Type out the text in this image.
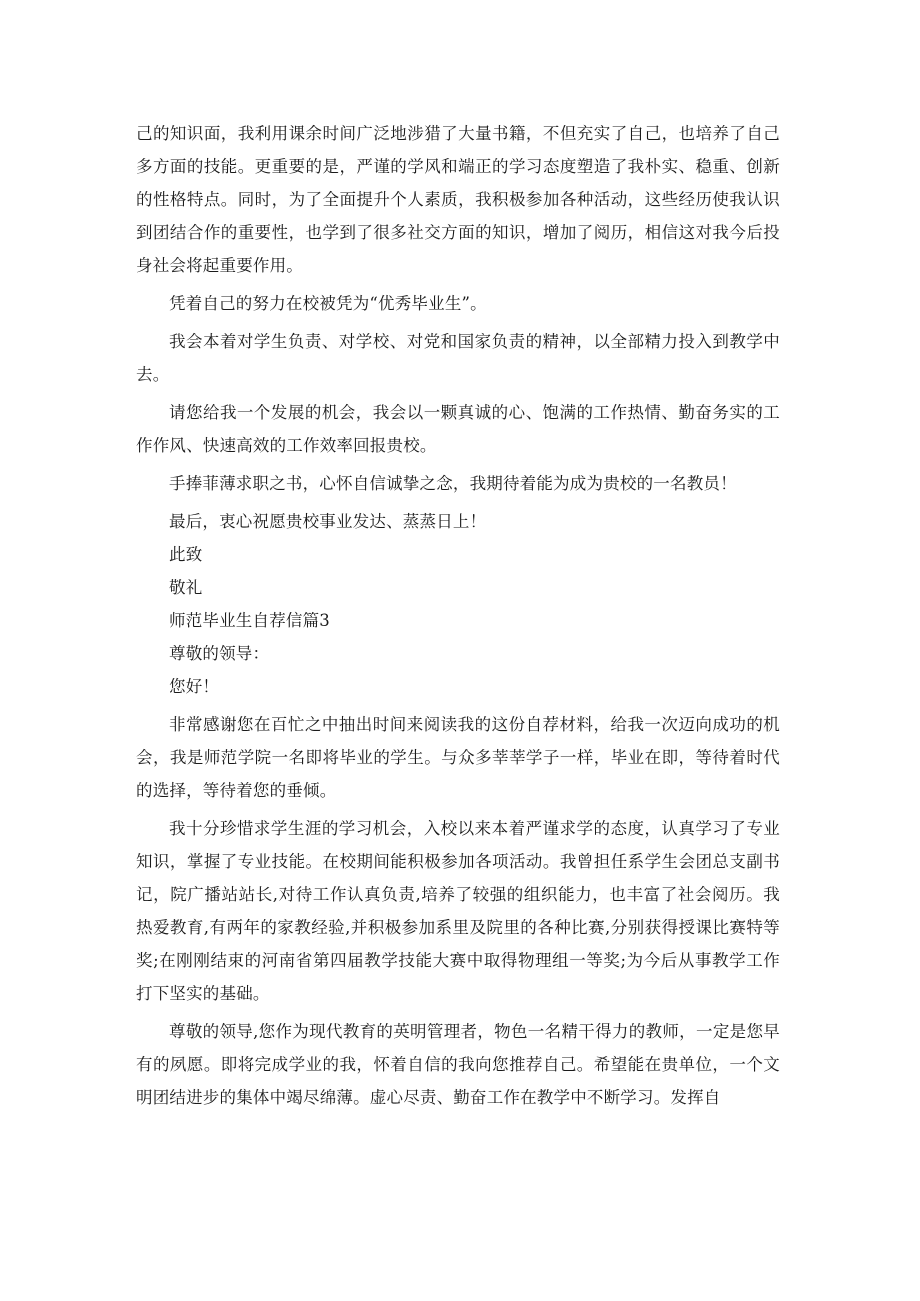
己的知识面，我利用课余时间广泛地涉猎了大量书籍，不但充实了自己，也培养了自己多方面的技能。更重要的是，严谨的学风和端正的学习态度塑造了我朴实、稳重、创新的性格特点。同时，为了全面提升个人素质，我积极参加各种活动，这些经历使我认识到团结合作的重要性，也学到了很多社交方面的知识，增加了阅历，相信这对我今后投身社会将起重要作用。

凭着自己的努力在校被凭为“优秀毕业生”。

我会本着对学生负责、对学校、对党和国家负责的精神，以全部精力投入到教学中去。

请您给我一个发展的机会，我会以一颗真诚的心、饱满的工作热情、勤奋务实的工作作风、快速高效的工作效率回报贵校。

手捧菲薄求职之书，心怀自信诚挚之念，我期待着能为成为贵校的一名教员！

最后，衷心祝愿贵校事业发达、蒸蒸日上！

此致

敬礼

师范毕业生自荐信篇3

尊敬的领导：

您好！

非常感谢您在百忙之中抽出时间来阅读我的这份自荐材料，给我一次迈向成功的机会，我是师范学院一名即将毕业的学生。与众多莘莘学子一样，毕业在即，等待着时代的选择，等待着您的垂倾。

我十分珍惜求学生涯的学习机会，入校以来本着严谨求学的态度，认真学习了专业知识，掌握了专业技能。在校期间能积极参加各项活动。我曾担任系学生会团总支副书记，院广播站站长,对待工作认真负责,培养了较强的组织能力，也丰富了社会阅历。我热爱教育,有两年的家教经验,并积极参加系里及院里的各种比赛,分别获得授课比赛特等奖;在刚刚结束的河南省第四届教学技能大赛中取得物理组一等奖;为今后从事教学工作打下坚实的基础。

尊敬的领导,您作为现代教育的英明管理者，物色一名精干得力的教师，一定是您早有的夙愿。即将完成学业的我，怀着自信的我向您推荐自己。希望能在贵单位，一个文明团结进步的集体中竭尽绵薄。虚心尽责、勤奋工作在教学中不断学习。发挥自
